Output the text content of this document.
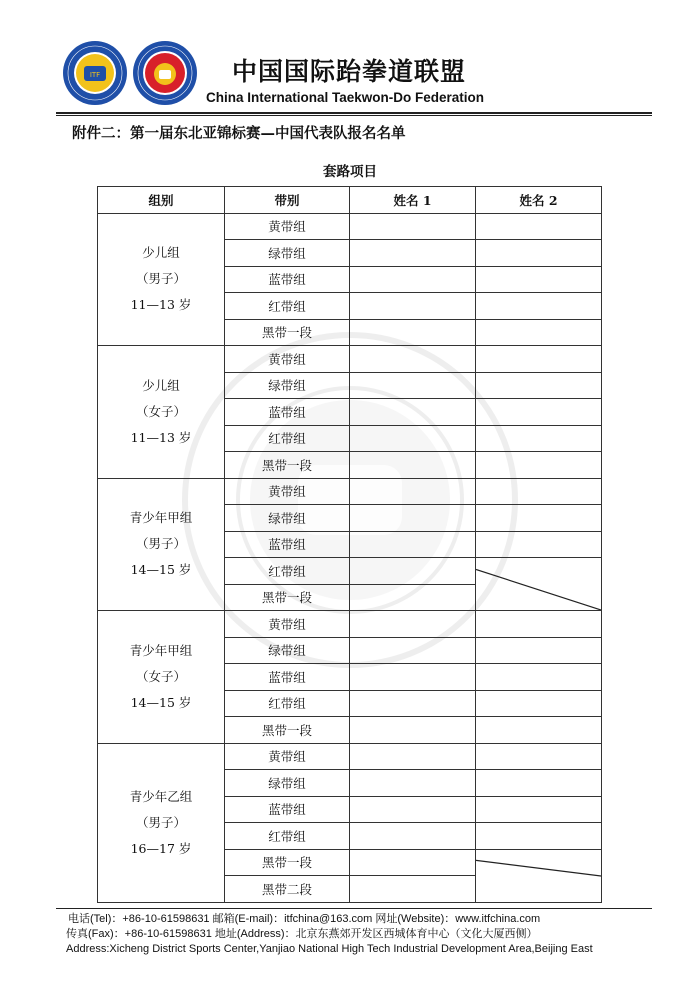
ITF	中国国际跆拳道联盟
China International Taekwon-Do Federation
附件二：第一届东北亚锦标赛—中国代表队报名名单
套路项目
组别	带别	姓名 1	姓名 2

少儿组
（男子）
11—13 岁	黄带组		
	绿带组		
	蓝带组		
	红带组		
	黑带一段		

少儿组
（女子）
11—13 岁	黄带组		
	绿带组		
	蓝带组		
	红带组		
	黑带一段		

青少年甲组
（男子）
14—15 岁	黄带组		
	绿带组		
	蓝带组		
	红带组		

	黑带一段		

青少年甲组
（女子）
14—15 岁	黄带组		
	绿带组		
	蓝带组		
	红带组		
	黑带一段		

青少年乙组
（男子）
16—17 岁	黄带组		
	绿带组		
	蓝带组		
	红带组		
	黑带一段		

	黑带二段		
电话(Tel)：+86-10-61598631 邮箱(E-mail)：itfchina@163.com 网址(Website)：www.itfchina.com
传真(Fax)：+86-10-61598631 地址(Address)：北京东燕郊开发区西城体育中心（文化大厦西侧）
Address:Xicheng District Sports Center,Yanjiao National High Tech Industrial Development Area,Beijing East
